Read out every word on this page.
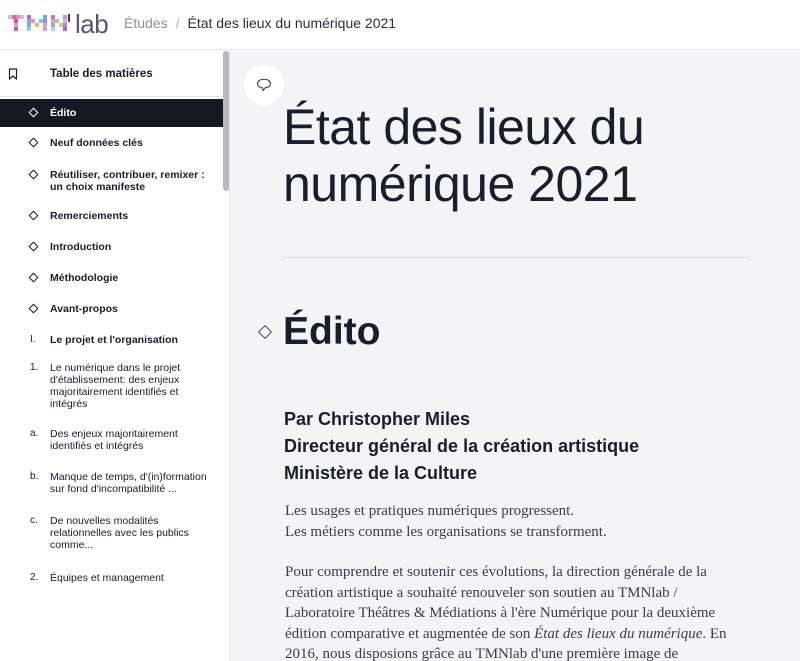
lab Études / État des lieux du numérique 2021
Table des matières
Édito
Neuf données clés
Réutiliser, contribuer, remixer : un choix manifeste
Remerciements
Introduction
Méthodologie
Avant-propos
I.	Le projet et l'organisation
1.	Le numérique dans le projet d'établissement: des enjeux majoritairement identifiés et intégrés
a.	Des enjeux majoritairement identifiés et intégrés
b.	Manque de temps, d'(in)formation sur fond d'incompatibilité ...
c.	De nouvelles modalités relationnelles avec les publics comme...
2.	Équipes et management
État des lieux du numérique 2021
Édito
Par Christopher Miles
Directeur général de la création artistique
Ministère de la Culture

Les usages et pratiques numériques progressent.
Les métiers comme les organisations se transforment.

Pour comprendre et soutenir ces évolutions, la direction générale de la création artistique a souhaité renouveler son soutien au TMNlab / Laboratoire Théâtres & Médiations à l'ère Numérique pour la deuxième édition comparative et augmentée de son État des lieux du numérique. En 2016, nous disposions grâce au TMNlab d'une première image de
